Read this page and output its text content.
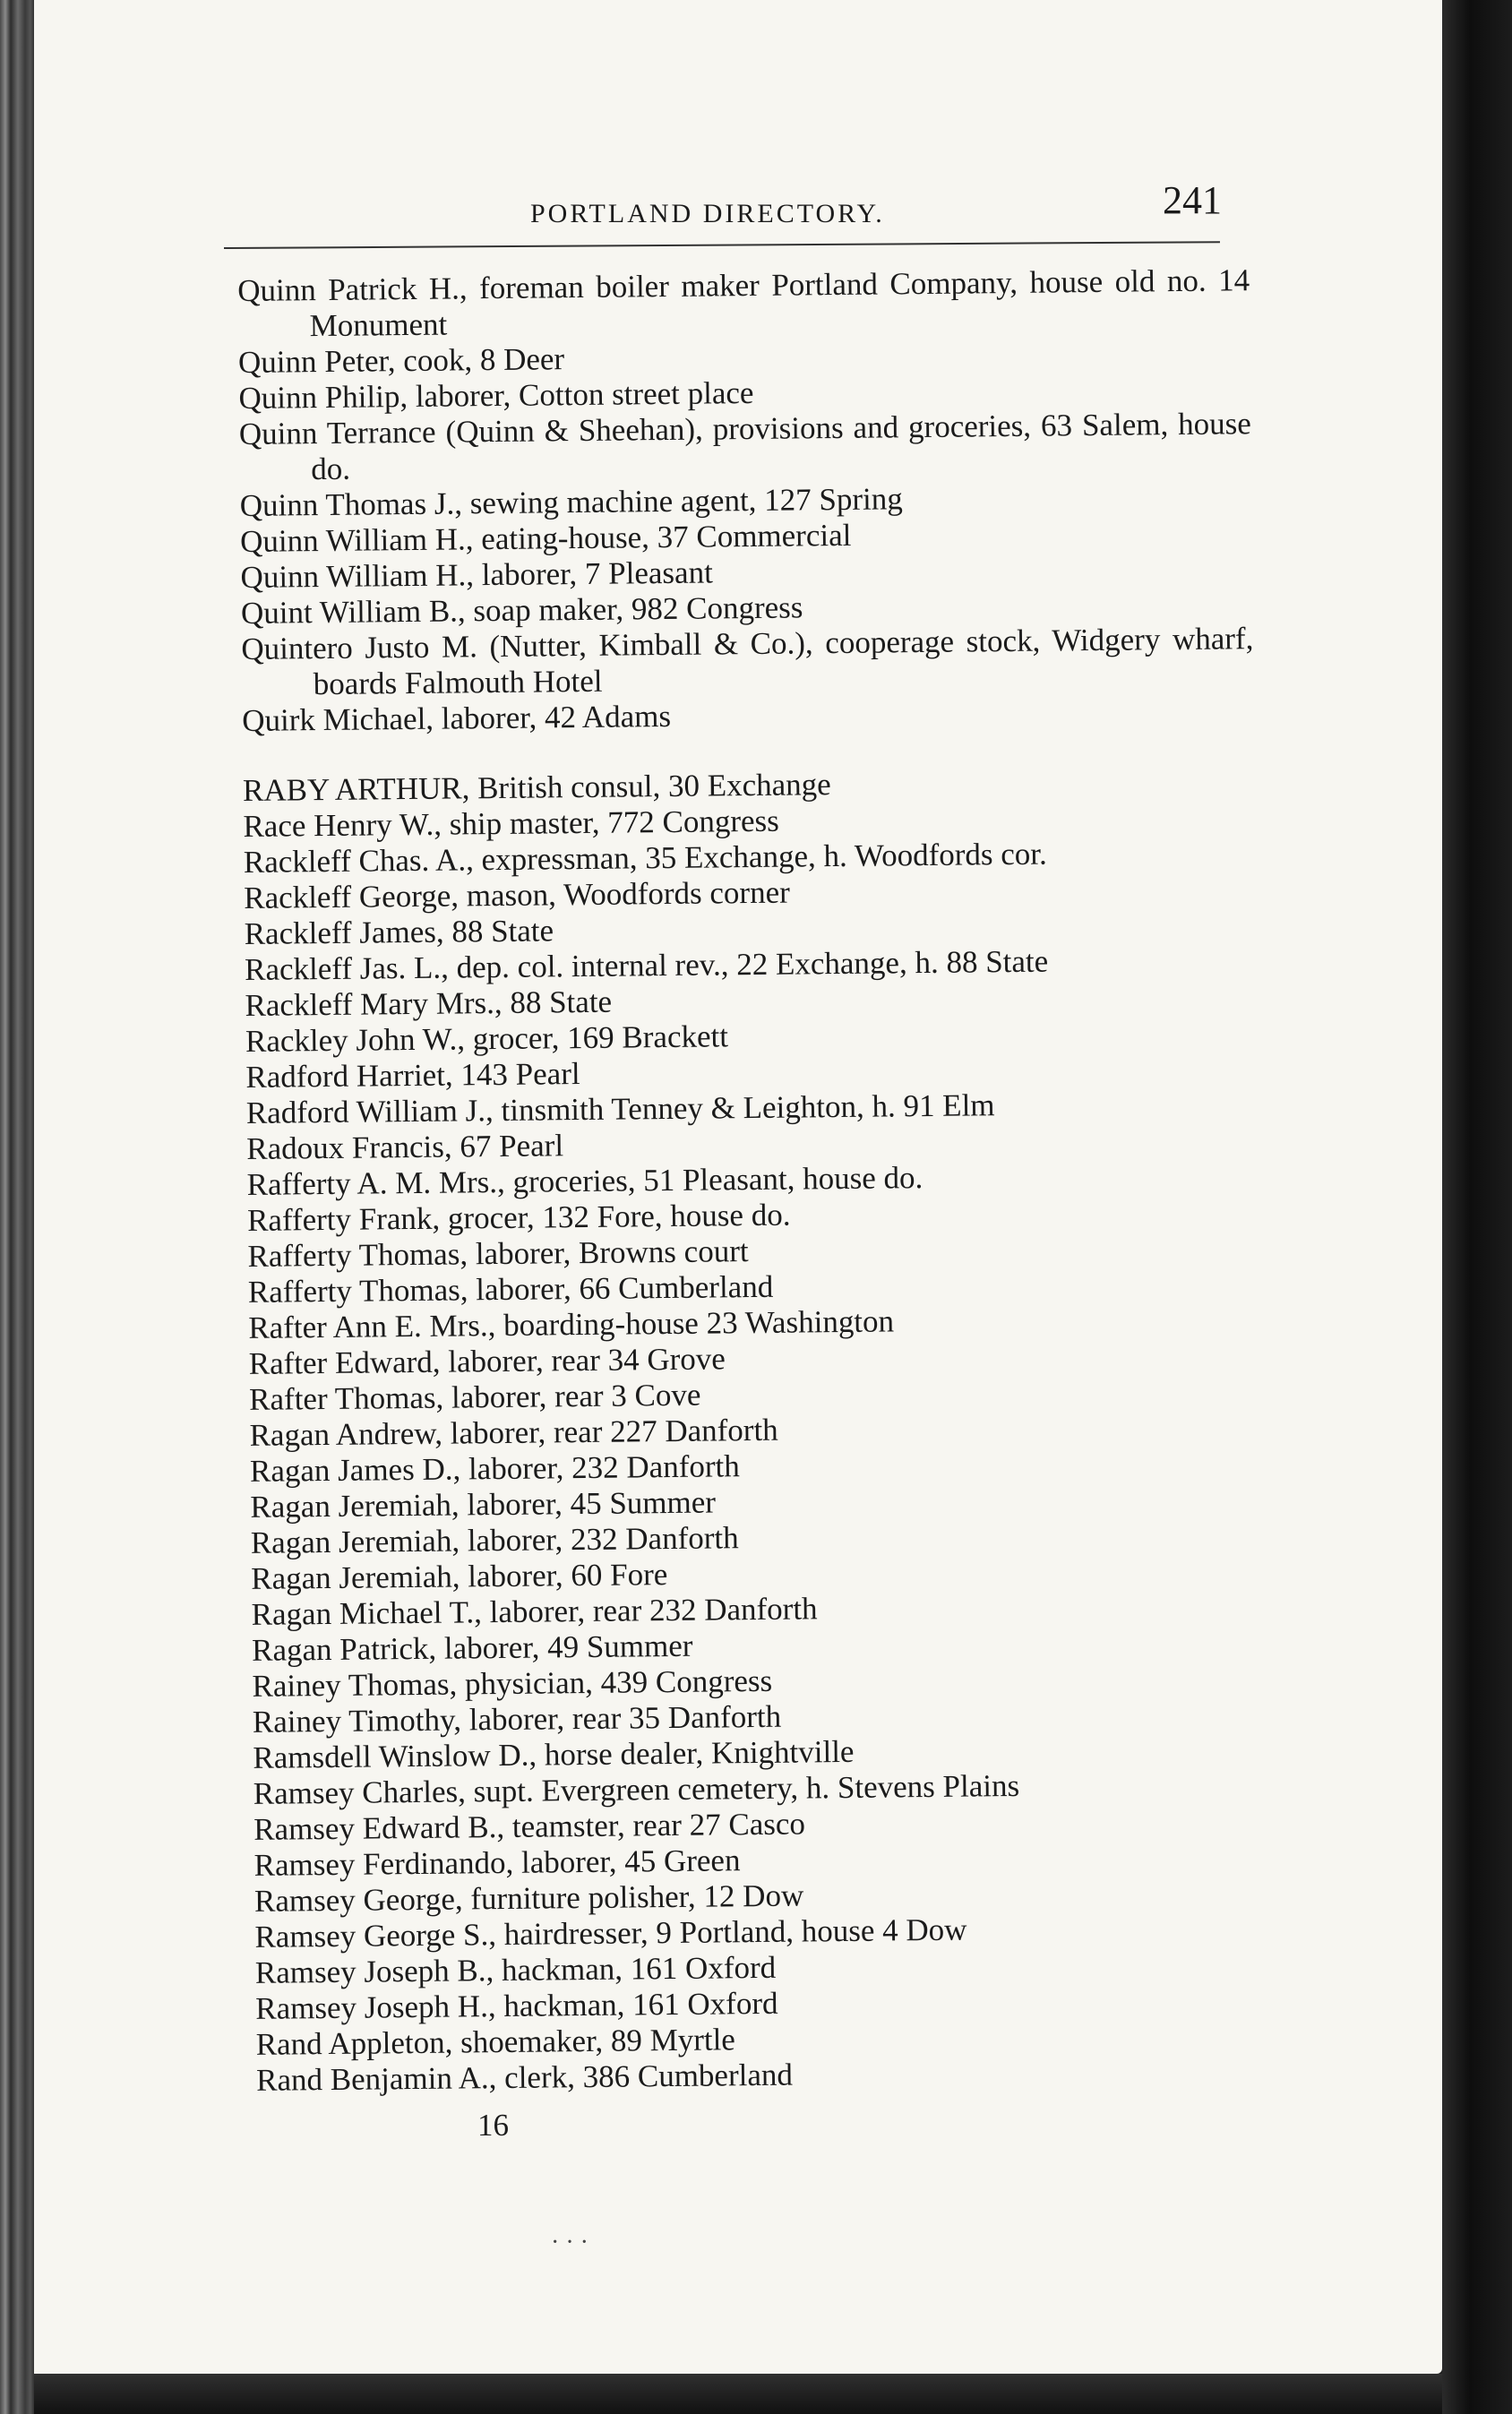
PORTLAND DIRECTORY.	241
Quinn Patrick H., foreman boiler maker Portland Company, house old no. 14 Monument
Quinn Peter, cook, 8 Deer
Quinn Philip, laborer, Cotton street place
Quinn Terrance (Quinn & Sheehan), provisions and groceries, 63 Salem, house do.
Quinn Thomas J., sewing machine agent, 127 Spring
Quinn William H., eating-house, 37 Commercial
Quinn William H., laborer, 7 Pleasant
Quint William B., soap maker, 982 Congress
Quintero Justo M. (Nutter, Kimball & Co.), cooperage stock, Widgery wharf, boards Falmouth Hotel
Quirk Michael, laborer, 42 Adams
RABY ARTHUR, British consul, 30 Exchange
Race Henry W., ship master, 772 Congress
Rackleff Chas. A., expressman, 35 Exchange, h. Woodfords cor.
Rackleff George, mason, Woodfords corner
Rackleff James, 88 State
Rackleff Jas. L., dep. col. internal rev., 22 Exchange, h. 88 State
Rackleff Mary Mrs., 88 State
Rackley John W., grocer, 169 Brackett
Radford Harriet, 143 Pearl
Radford William J., tinsmith Tenney & Leighton, h. 91 Elm
Radoux Francis, 67 Pearl
Rafferty A. M. Mrs., groceries, 51 Pleasant, house do.
Rafferty Frank, grocer, 132 Fore, house do.
Rafferty Thomas, laborer, Browns court
Rafferty Thomas, laborer, 66 Cumberland
Rafter Ann E. Mrs., boarding-house 23 Washington
Rafter Edward, laborer, rear 34 Grove
Rafter Thomas, laborer, rear 3 Cove
Ragan Andrew, laborer, rear 227 Danforth
Ragan James D., laborer, 232 Danforth
Ragan Jeremiah, laborer, 45 Summer
Ragan Jeremiah, laborer, 232 Danforth
Ragan Jeremiah, laborer, 60 Fore
Ragan Michael T., laborer, rear 232 Danforth
Ragan Patrick, laborer, 49 Summer
Rainey Thomas, physician, 439 Congress
Rainey Timothy, laborer, rear 35 Danforth
Ramsdell Winslow D., horse dealer, Knightville
Ramsey Charles, supt. Evergreen cemetery, h. Stevens Plains
Ramsey Edward B., teamster, rear 27 Casco
Ramsey Ferdinando, laborer, 45 Green
Ramsey George, furniture polisher, 12 Dow
Ramsey George S., hairdresser, 9 Portland, house 4 Dow
Ramsey Joseph B., hackman, 161 Oxford
Ramsey Joseph H., hackman, 161 Oxford
Rand Appleton, shoemaker, 89 Myrtle
Rand Benjamin A., clerk, 386 Cumberland
16
· · ·
